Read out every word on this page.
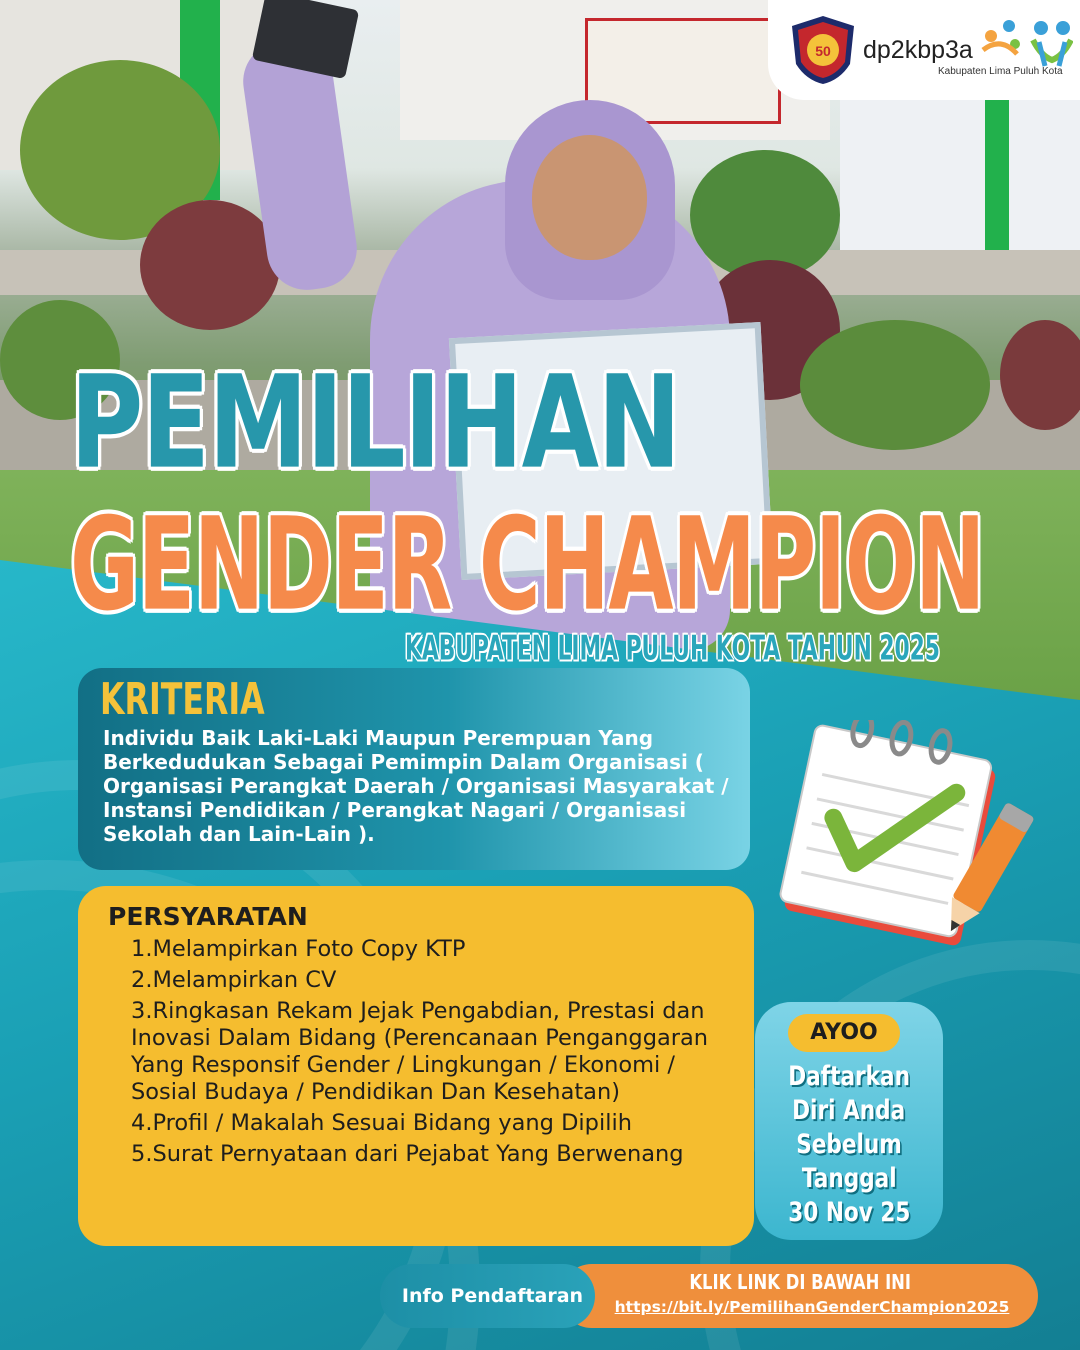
50 dp2kbp3a
Kabupaten Lima Puluh Kota
PEMILIHAN
GENDER CHAMPION
KABUPATEN LIMA PULUH KOTA TAHUN 2025
KRITERIA
Individu Baik Laki-Laki Maupun Perempuan Yang Berkedudukan Sebagai Pemimpin Dalam Organisasi ( Organisasi Perangkat Daerah / Organisasi Masyarakat / Instansi Pendidikan / Perangkat Nagari / Organisasi Sekolah dan Lain-Lain ).
PERSYARATAN
1.Melampirkan Foto Copy KTP
2.Melampirkan CV
3.Ringkasan Rekam Jejak Pengabdian, Prestasi dan Inovasi Dalam Bidang (Perencanaan Penganggaran Yang Responsif Gender / Lingkungan / Ekonomi / Sosial Budaya / Pendidikan Dan Kesehatan)
4.Profil / Makalah Sesuai Bidang yang Dipilih
5.Surat Pernyataan dari Pejabat Yang Berwenang
AYOO
Daftarkan
Diri Anda
Sebelum
Tanggal
30 Nov 25
Info Pendaftaran
KLIK LINK DI BAWAH INI
https://bit.ly/PemilihanGenderChampion2025
